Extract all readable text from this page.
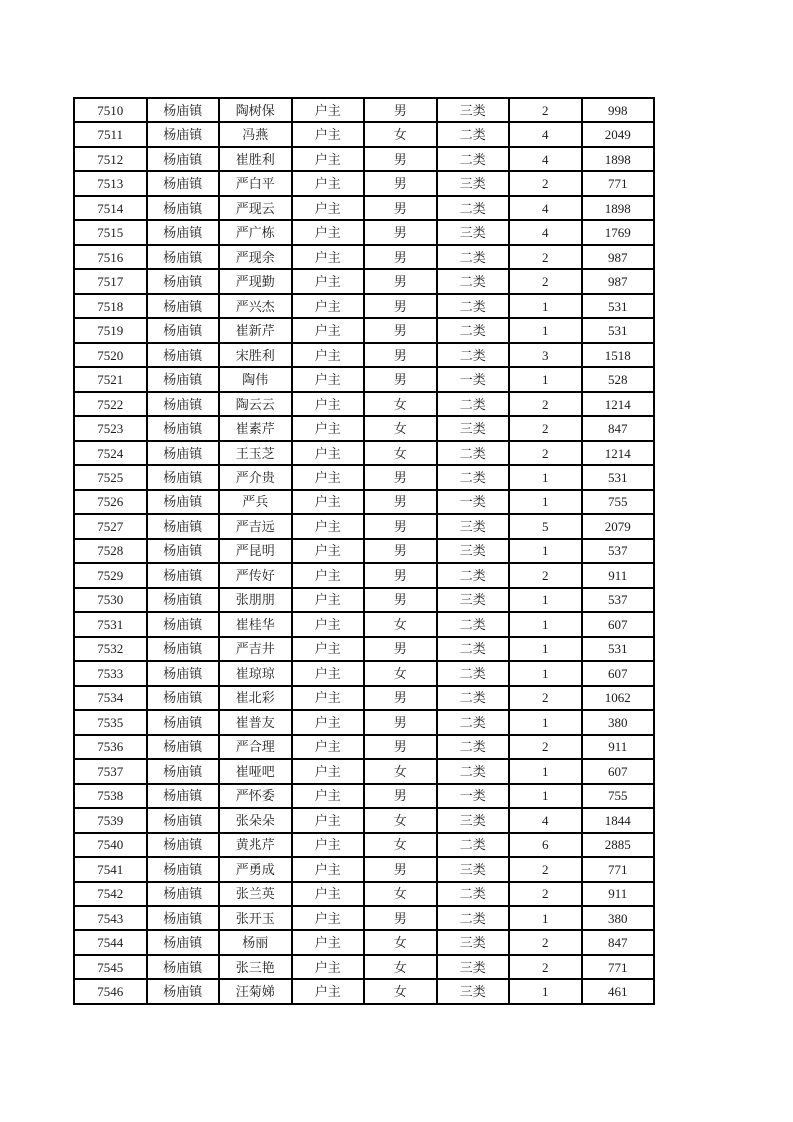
7510	杨庙镇	陶树保	户主	男	三类	2	998
7511	杨庙镇	冯燕	户主	女	二类	4	2049
7512	杨庙镇	崔胜利	户主	男	二类	4	1898
7513	杨庙镇	严白平	户主	男	三类	2	771
7514	杨庙镇	严现云	户主	男	二类	4	1898
7515	杨庙镇	严广栋	户主	男	三类	4	1769
7516	杨庙镇	严现余	户主	男	二类	2	987
7517	杨庙镇	严现勤	户主	男	二类	2	987
7518	杨庙镇	严兴杰	户主	男	二类	1	531
7519	杨庙镇	崔新芹	户主	男	二类	1	531
7520	杨庙镇	宋胜利	户主	男	二类	3	1518
7521	杨庙镇	陶伟	户主	男	一类	1	528
7522	杨庙镇	陶云云	户主	女	二类	2	1214
7523	杨庙镇	崔素芹	户主	女	三类	2	847
7524	杨庙镇	王玉芝	户主	女	二类	2	1214
7525	杨庙镇	严介贵	户主	男	二类	1	531
7526	杨庙镇	严兵	户主	男	一类	1	755
7527	杨庙镇	严吉远	户主	男	三类	5	2079
7528	杨庙镇	严昆明	户主	男	三类	1	537
7529	杨庙镇	严传好	户主	男	二类	2	911
7530	杨庙镇	张朋朋	户主	男	三类	1	537
7531	杨庙镇	崔桂华	户主	女	二类	1	607
7532	杨庙镇	严吉井	户主	男	二类	1	531
7533	杨庙镇	崔琼琼	户主	女	二类	1	607
7534	杨庙镇	崔北彩	户主	男	二类	2	1062
7535	杨庙镇	崔普友	户主	男	二类	1	380
7536	杨庙镇	严合理	户主	男	二类	2	911
7537	杨庙镇	崔哑吧	户主	女	二类	1	607
7538	杨庙镇	严怀委	户主	男	一类	1	755
7539	杨庙镇	张朵朵	户主	女	三类	4	1844
7540	杨庙镇	黄兆芹	户主	女	二类	6	2885
7541	杨庙镇	严勇成	户主	男	三类	2	771
7542	杨庙镇	张兰英	户主	女	二类	2	911
7543	杨庙镇	张开玉	户主	男	二类	1	380
7544	杨庙镇	杨丽	户主	女	三类	2	847
7545	杨庙镇	张三艳	户主	女	三类	2	771
7546	杨庙镇	汪菊娣	户主	女	三类	1	461
